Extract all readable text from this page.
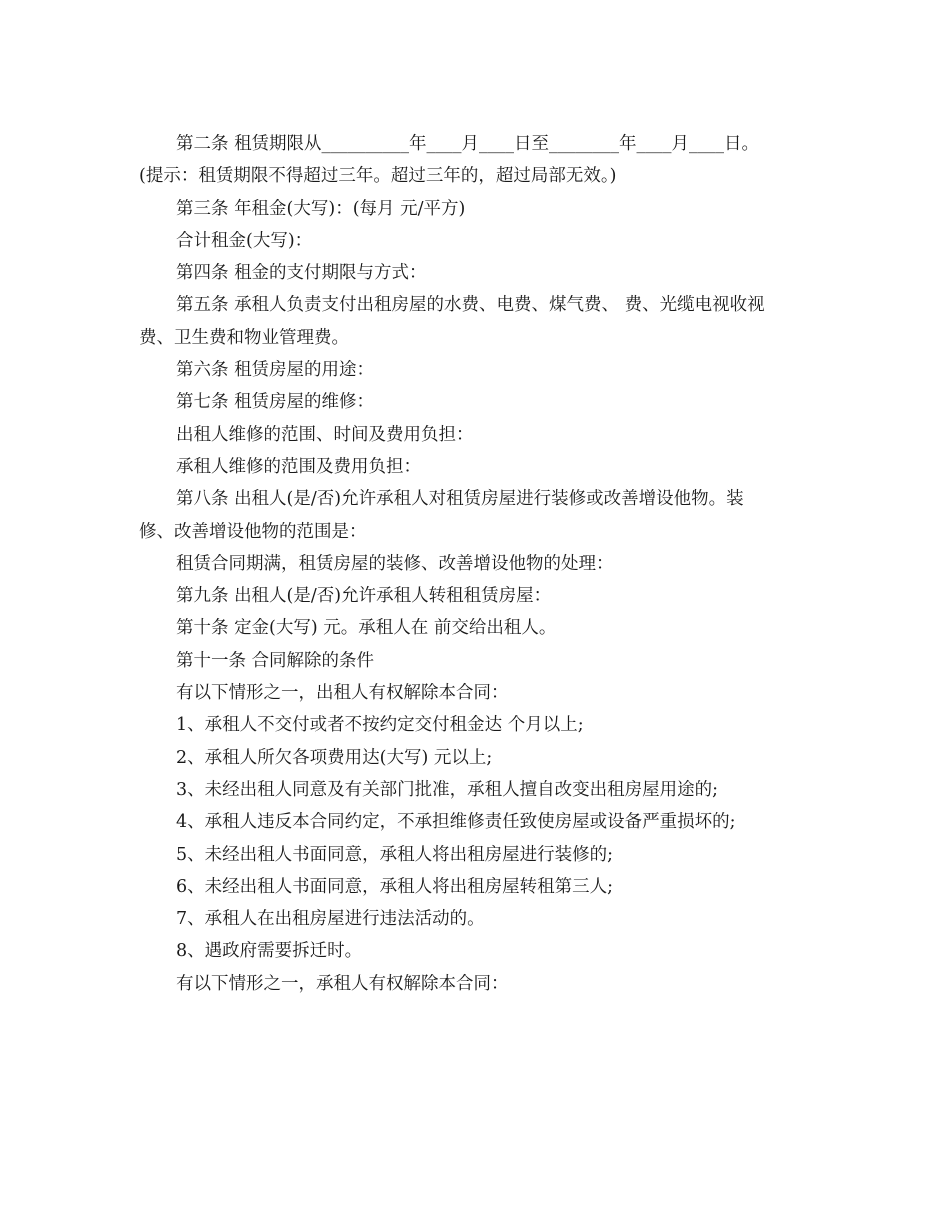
第二条 租赁期限从__________年____月____日至________年____月____日。

(提示：租赁期限不得超过三年。超过三年的，超过局部无效。)

第三条 年租金(大写)：(每月 元/平方)

合计租金(大写)：

第四条 租金的支付期限与方式：

第五条 承租人负责支付出租房屋的水费、电费、煤气费、 费、光缆电视收视

费、卫生费和物业管理费。

第六条 租赁房屋的用途：

第七条 租赁房屋的维修：

出租人维修的范围、时间及费用负担：

承租人维修的范围及费用负担：

第八条 出租人(是/否)允许承租人对租赁房屋进行装修或改善增设他物。装

修、改善增设他物的范围是：

租赁合同期满，租赁房屋的装修、改善增设他物的处理：

第九条 出租人(是/否)允许承租人转租租赁房屋：

第十条 定金(大写) 元。承租人在 前交给出租人。

第十一条 合同解除的条件

有以下情形之一，出租人有权解除本合同：

1、承租人不交付或者不按约定交付租金达 个月以上;

2、承租人所欠各项费用达(大写) 元以上;

3、未经出租人同意及有关部门批准，承租人擅自改变出租房屋用途的;

4、承租人违反本合同约定，不承担维修责任致使房屋或设备严重损坏的;

5、未经出租人书面同意，承租人将出租房屋进行装修的;

6、未经出租人书面同意，承租人将出租房屋转租第三人;

7、承租人在出租房屋进行违法活动的。

8、遇政府需要拆迁时。

有以下情形之一，承租人有权解除本合同：
